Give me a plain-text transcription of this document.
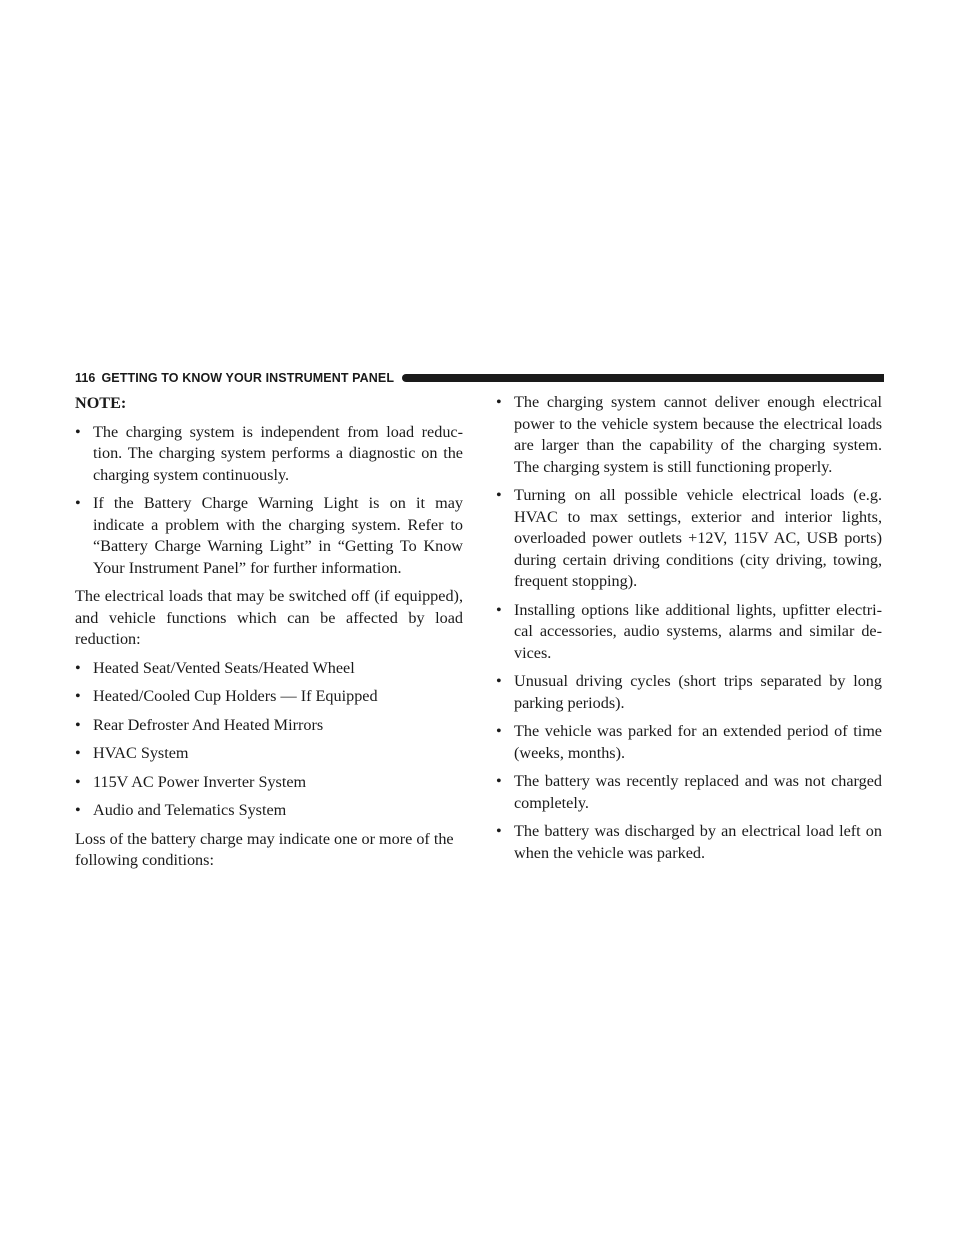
116 GETTING TO KNOW YOUR INSTRUMENT PANEL
NOTE:
• The charging system is independent from load reduc-tion. The charging system performs a diagnostic on the charging system continuously.
• If the Battery Charge Warning Light is on it may indicate a problem with the charging system. Refer to “Battery Charge Warning Light” in “Getting To Know Your Instrument Panel” for further information.

The electrical loads that may be switched off (if equipped), and vehicle functions which can be affected by load reduction:

• Heated Seat/Vented Seats/Heated Wheel
• Heated/Cooled Cup Holders — If Equipped
• Rear Defroster And Heated Mirrors
• HVAC System
• 115V AC Power Inverter System
• Audio and Telematics System

Loss of the battery charge may indicate one or more of the following conditions:

• The charging system cannot deliver enough electrical power to the vehicle system because the electrical loads are larger than the capability of the charging system. The charging system is still functioning properly.
• Turning on all possible vehicle electrical loads (e.g. HVAC to max settings, exterior and interior lights, overloaded power outlets +12V, 115V AC, USB ports) during certain driving conditions (city driving, towing, frequent stopping).
• Installing options like additional lights, upfitter electri-cal accessories, audio systems, alarms and similar de-vices.
• Unusual driving cycles (short trips separated by long parking periods).
• The vehicle was parked for an extended period of time (weeks, months).
• The battery was recently replaced and was not charged completely.
• The battery was discharged by an electrical load left on when the vehicle was parked.
